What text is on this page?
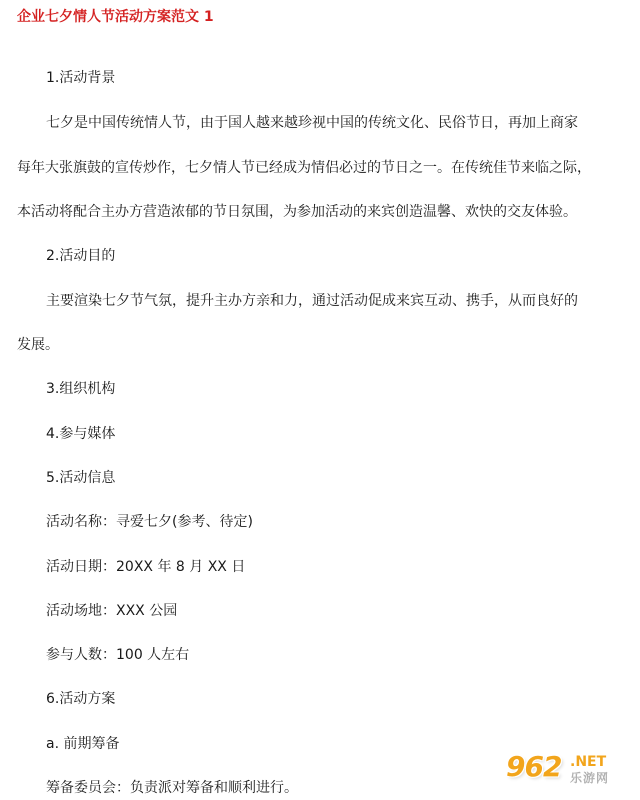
企业七夕情人节活动方案范文 1
1.活动背景
七夕是中国传统情人节，由于国人越来越珍视中国的传统文化、民俗节日，再加上商家
每年大张旗鼓的宣传炒作，七夕情人节已经成为情侣必过的节日之一。在传统佳节来临之际，
本活动将配合主办方营造浓郁的节日氛围，为参加活动的来宾创造温馨、欢快的交友体验。
2.活动目的
主要渲染七夕节气氛，提升主办方亲和力，通过活动促成来宾互动、携手，从而良好的
发展。
3.组织机构
4.参与媒体
5.活动信息
活动名称：寻爱七夕(参考、待定)
活动日期：20XX 年 8 月 XX 日
活动场地：XXX 公园
参与人数：100 人左右
6.活动方案
a. 前期筹备
筹备委员会：负责派对筹备和顺利进行。
962 .NET
乐游网
